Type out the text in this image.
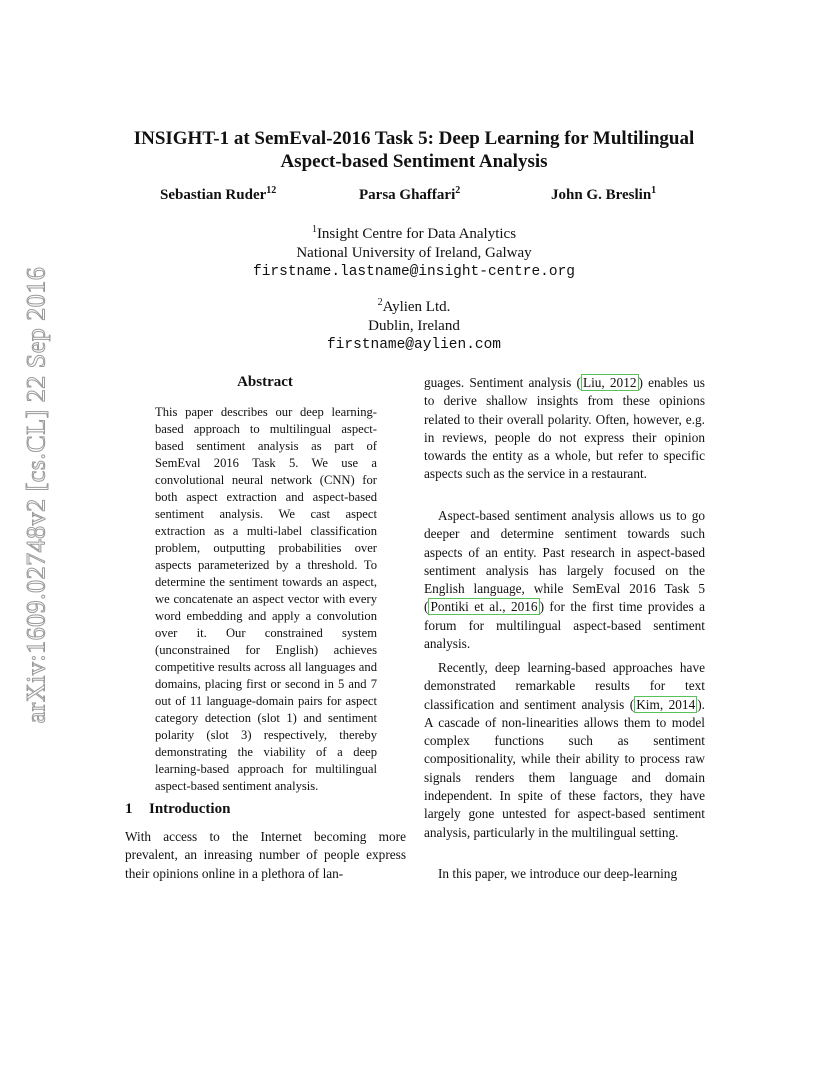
arXiv:1609.02748v2 [cs.CL] 22 Sep 2016
INSIGHT-1 at SemEval-2016 Task 5: Deep Learning for Multilingual
Aspect-based Sentiment Analysis
Sebastian Ruder$^{12}$	Parsa Ghaffari$^2$	John G. Breslin$^1$
$^1$Insight Centre for Data Analytics
National University of Ireland, Galway
firstname.lastname@insight-centre.org
$^2$Aylien Ltd.
Dublin, Ireland
firstname@aylien.com
Abstract

This paper describes our deep learning-based approach to multilingual aspect-based sentiment analysis as part of SemEval 2016 Task 5. We use a convolutional neural network (CNN) for both aspect extraction and aspect-based sentiment analysis. We cast aspect extraction as a multi-label classification problem, outputting probabilities over aspects parameterized by a threshold. To determine the sentiment towards an aspect, we concatenate an aspect vector with every word embedding and apply a convolution over it. Our constrained system (unconstrained for English) achieves competitive results across all languages and domains, placing first or second in 5 and 7 out of 11 language-domain pairs for aspect category detection (slot 1) and sentiment polarity (slot 3) respectively, thereby demonstrating the viability of a deep learning-based approach for multilingual aspect-based sentiment analysis.

1 Introduction

With access to the Internet becoming more prevalent, an inreasing number of people express their opinions online in a plethora of lan-

guages. Sentiment analysis ( Liu, 2012 ) enables us to derive shallow insights from these opinions related to their overall polarity. Often, however, e.g. in reviews, people do not express their opinion towards the entity as a whole, but refer to specific aspects such as the service in a restaurant.

Aspect-based sentiment analysis allows us to go deeper and determine sentiment towards such aspects of an entity. Past research in aspect-based sentiment analysis has largely focused on the English language, while SemEval 2016 Task 5 ( Pontiki et al., 2016 ) for the first time provides a forum for multilingual aspect-based sentiment analysis.

Recently, deep learning-based approaches have demonstrated remarkable results for text classification and sentiment analysis ( Kim, 2014 ). A cascade of non-linearities allows them to model complex functions such as sentiment compositionality, while their ability to process raw signals renders them language and domain independent. In spite of these factors, they have largely gone untested for aspect-based sentiment analysis, particularly in the multilingual setting.

In this paper, we introduce our deep-learning
